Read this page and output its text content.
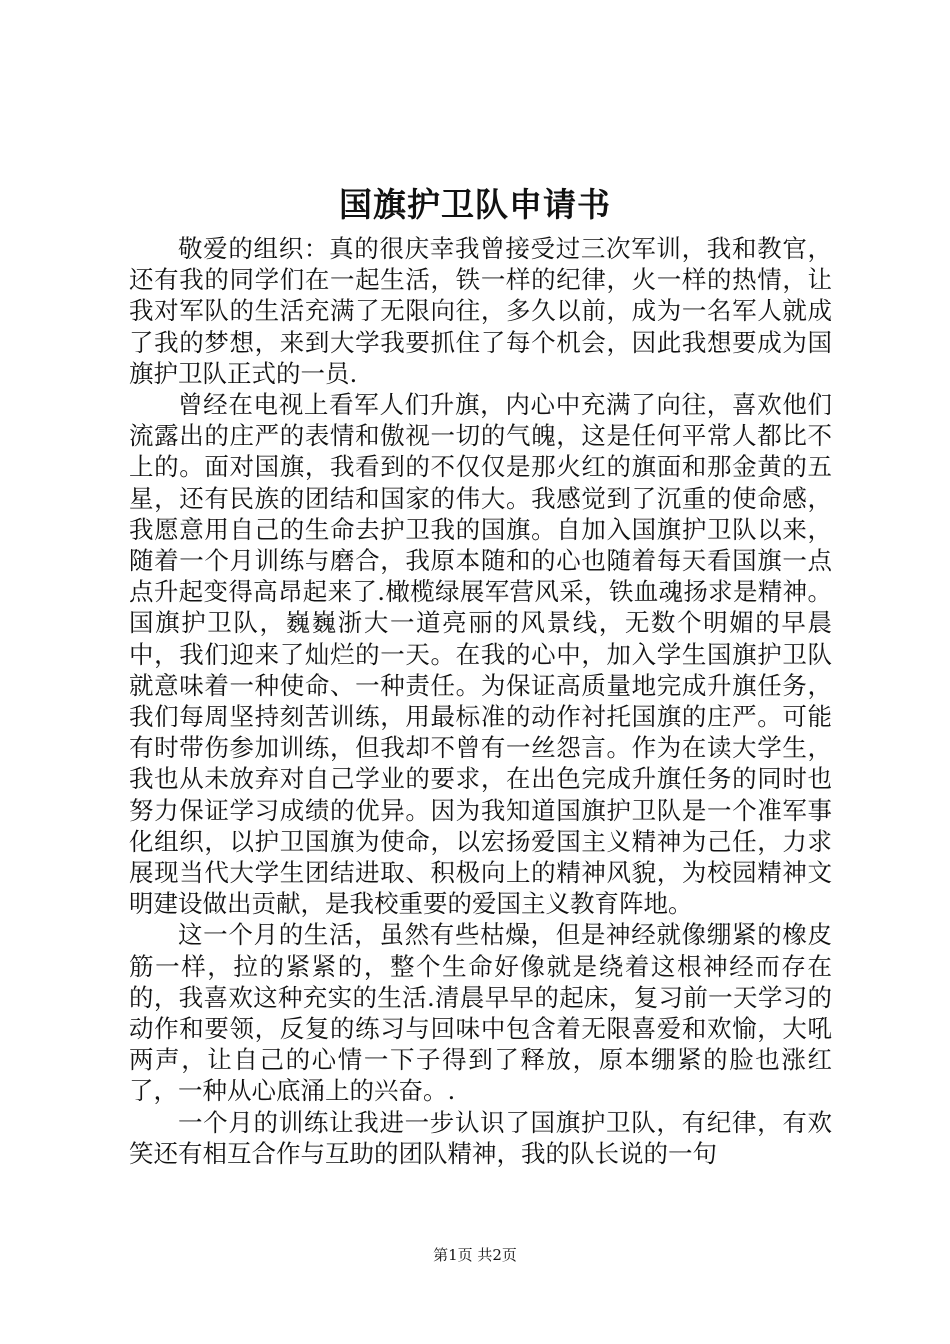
国旗护卫队申请书

敬爱的组织：真的很庆幸我曾接受过三次军训，我和教官，还有我的同学们在一起生活，铁一样的纪律，火一样的热情，让我对军队的生活充满了无限向往，多久以前，成为一名军人就成了我的梦想，来到大学我要抓住了每个机会，因此我想要成为国旗护卫队正式的一员.

曾经在电视上看军人们升旗，内心中充满了向往，喜欢他们流露出的庄严的表情和傲视一切的气魄，这是任何平常人都比不上的。面对国旗，我看到的不仅仅是那火红的旗面和那金黄的五星，还有民族的团结和国家的伟大。我感觉到了沉重的使命感，我愿意用自己的生命去护卫我的国旗。自加入国旗护卫队以来，随着一个月训练与磨合，我原本随和的心也随着每天看国旗一点点升起变得高昂起来了.橄榄绿展军营风采，铁血魂扬求是精神。国旗护卫队，巍巍浙大一道亮丽的风景线，无数个明媚的早晨中，我们迎来了灿烂的一天。在我的心中，加入学生国旗护卫队就意味着一种使命、一种责任。为保证高质量地完成升旗任务，我们每周坚持刻苦训练，用最标准的动作衬托国旗的庄严。可能有时带伤参加训练，但我却不曾有一丝怨言。作为在读大学生，我也从未放弃对自己学业的要求，在出色完成升旗任务的同时也努力保证学习成绩的优异。因为我知道国旗护卫队是一个准军事化组织，以护卫国旗为使命，以宏扬爱国主义精神为己任，力求展现当代大学生团结进取、积极向上的精神风貌，为校园精神文明建设做出贡献，是我校重要的爱国主义教育阵地。

这一个月的生活，虽然有些枯燥，但是神经就像绷紧的橡皮筋一样，拉的紧紧的，整个生命好像就是绕着这根神经而存在的，我喜欢这种充实的生活.清晨早早的起床，复习前一天学习的动作和要领，反复的练习与回味中包含着无限喜爱和欢愉，大吼两声，让自己的心情一下子得到了释放，原本绷紧的脸也涨红了，一种从心底涌上的兴奋。.

一个月的训练让我进一步认识了国旗护卫队，有纪律，有欢笑还有相互合作与互助的团队精神，我的队长说的一句

第1页 共2页
